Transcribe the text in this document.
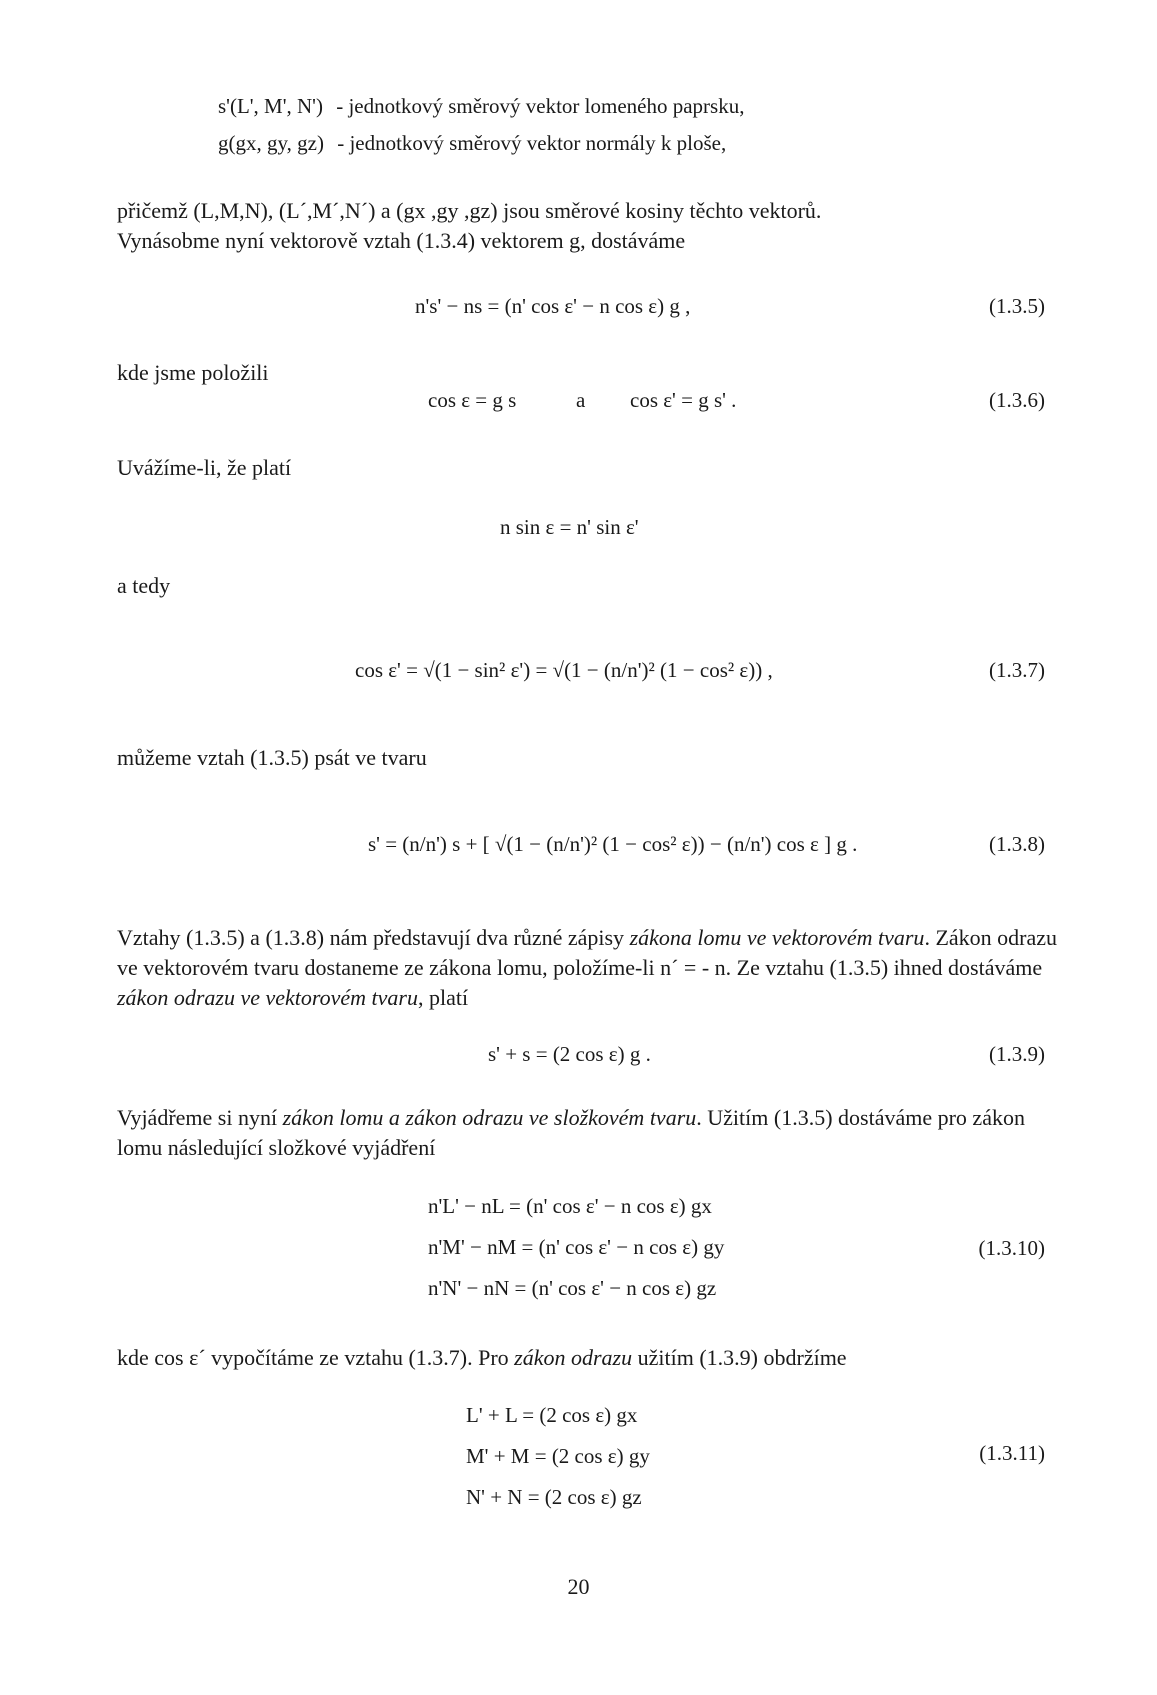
s'(L', M', N') - jednotkový směrový vektor lomeného paprsku,
g(gx, gy, gz) - jednotkový směrový vektor normály k ploše,
přičemž (L,M,N), (L´,M´,N´) a (gx ,gy ,gz) jsou směrové kosiny těchto vektorů.
Vynásobme nyní vektorově vztah (1.3.4) vektorem g, dostáváme
n's' − ns = (n' cos ε' − n cos ε) g ,	(1.3.5)
kde jsme položili
cos ε = g s	a cos ε' = g s' .	(1.3.6)
Uvážíme-li, že platí
n sin ε = n' sin ε'
a tedy
cos ε' = √(1 − sin² ε') = √(1 − (n/n')² (1 − cos² ε)) ,	(1.3.7)
můžeme vztah (1.3.5) psát ve tvaru
s' = (n/n') s + [ √(1 − (n/n')² (1 − cos² ε)) − (n/n') cos ε ] g .	(1.3.8)
Vztahy (1.3.5) a (1.3.8) nám představují dva různé zápisy zákona lomu ve vektorovém tvaru. Zákon odrazu ve vektorovém tvaru dostaneme ze zákona lomu, položíme-li n´ = - n. Ze vztahu (1.3.5) ihned dostáváme zákon odrazu ve vektorovém tvaru, platí
s' + s = (2 cos ε) g .	(1.3.9)
Vyjádřeme si nyní zákon lomu a zákon odrazu ve složkovém tvaru. Užitím (1.3.5) dostáváme pro zákon lomu následující složkové vyjádření
n'L' − nL = (n' cos ε' − n cos ε) gx
n'M' − nM = (n' cos ε' − n cos ε) gy
n'N' − nN = (n' cos ε' − n cos ε) gz
(1.3.10)
kde cos ε´ vypočítáme ze vztahu (1.3.7). Pro zákon odrazu užitím (1.3.9) obdržíme
L' + L = (2 cos ε) gx
M' + M = (2 cos ε) gy
N' + N = (2 cos ε) gz
(1.3.11)
20
